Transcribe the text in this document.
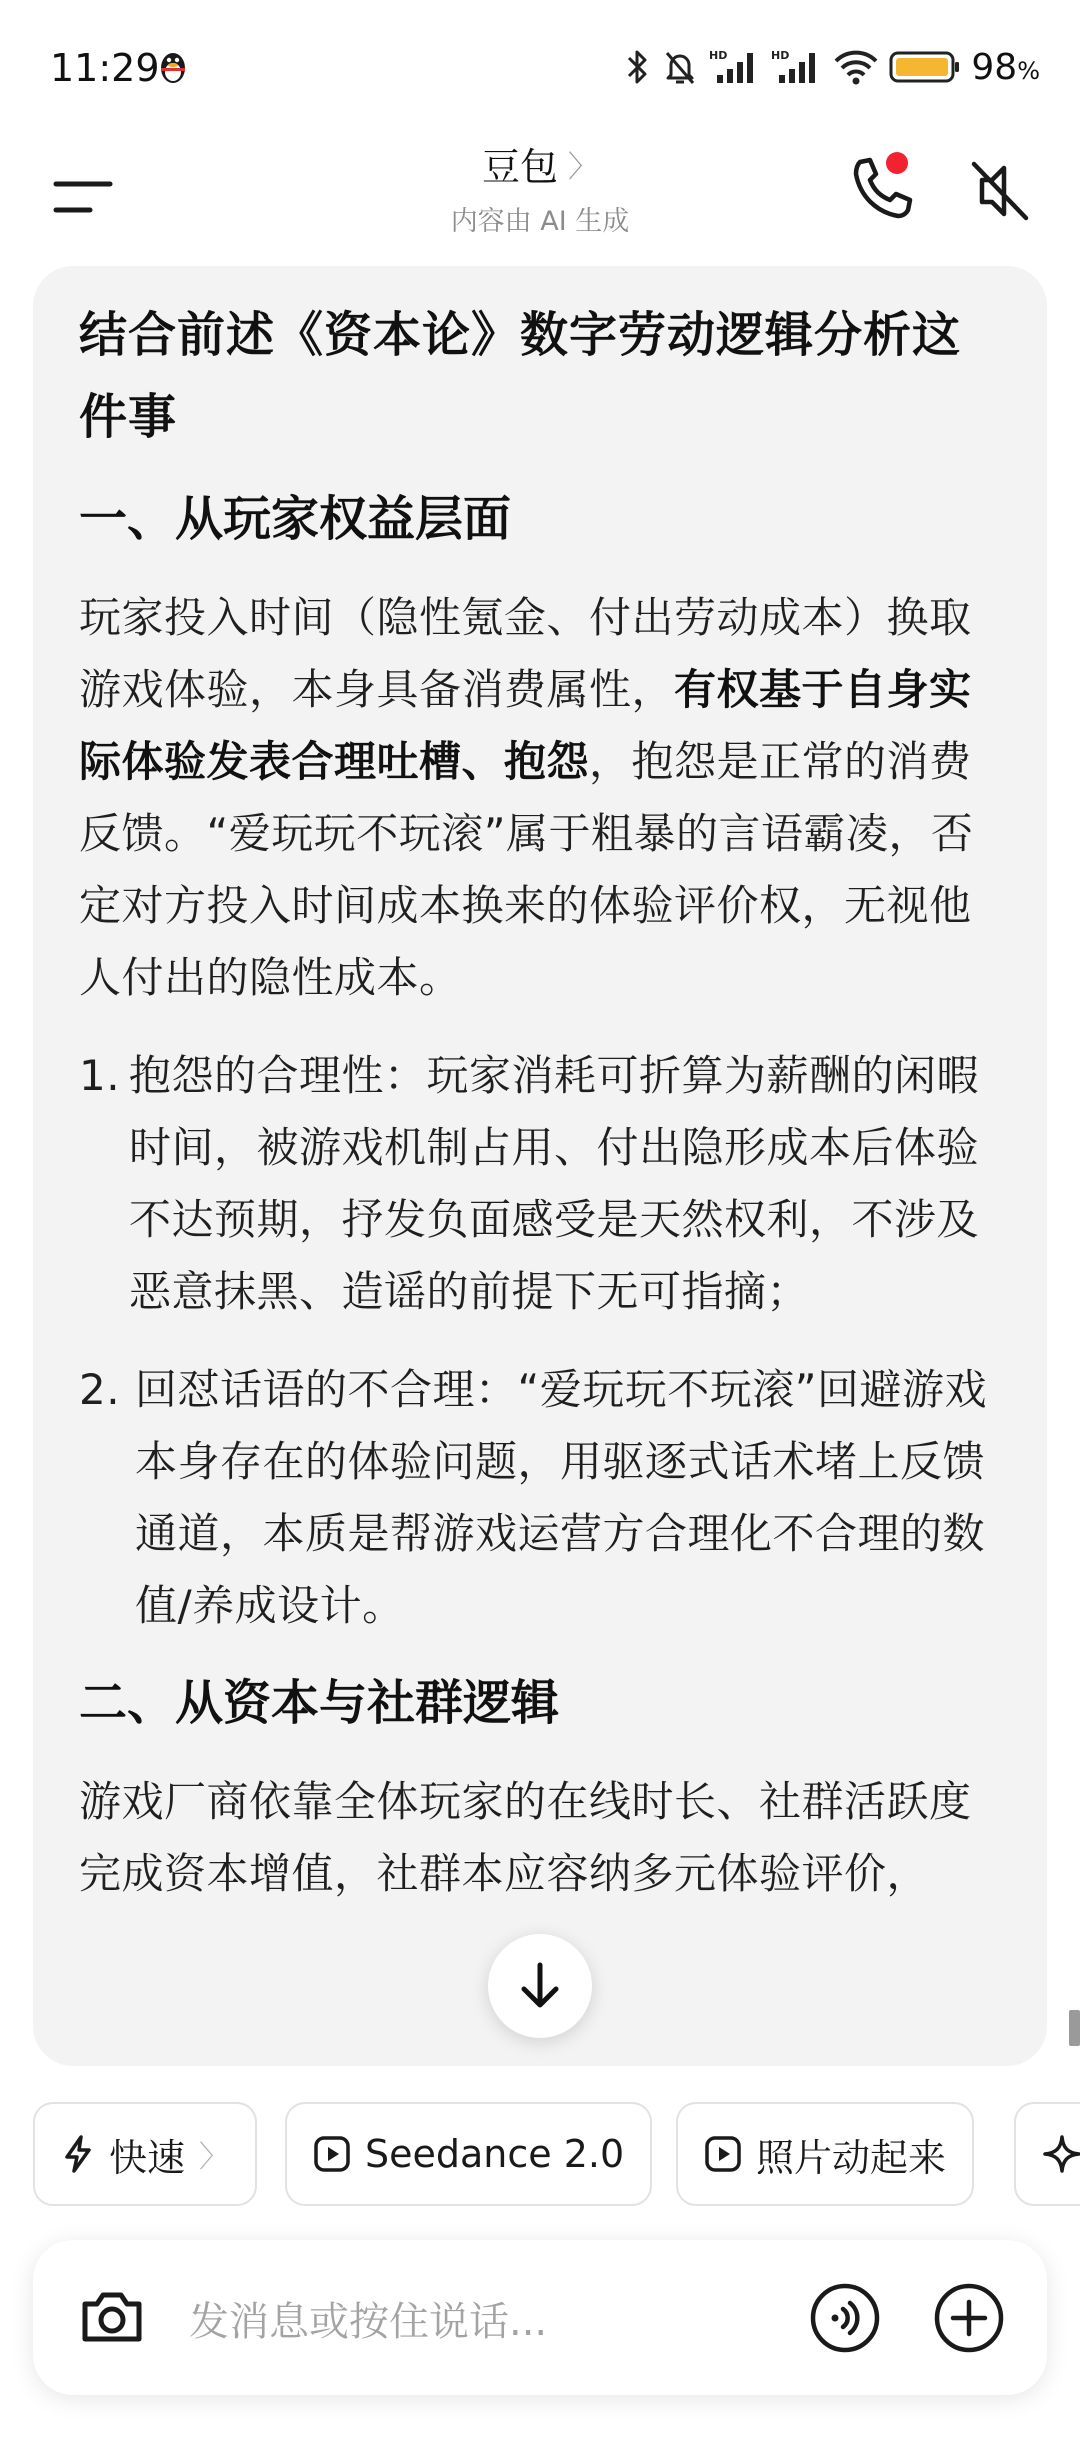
11:29	HD	HD	98%
豆包 〉
内容由 AI 生成
结合前述《资本论》数字劳动逻辑分析这件事
一、从玩家权益层面
玩家投入时间（隐性氪金、付出劳动成本）换取游戏体验，本身具备消费属性，有权基于自身实际体验发表合理吐槽、抱怨，抱怨是正常的消费反馈。“爱玩玩不玩滚”属于粗暴的言语霸凌，否定对方投入时间成本换来的体验评价权，无视他人付出的隐性成本。
1. 抱怨的合理性：玩家消耗可折算为薪酬的闲暇时间，被游戏机制占用、付出隐形成本后体验不达预期，抒发负面感受是天然权利，不涉及恶意抹黑、造谣的前提下无可指摘；
2. 回怼话语的不合理：“爱玩玩不玩滚”回避游戏本身存在的体验问题，用驱逐式话术堵上反馈通道，本质是帮游戏运营方合理化不合理的数值/养成设计。
二、从资本与社群逻辑
游戏厂商依靠全体玩家的在线时长、社群活跃度完成资本增值，社群本应容纳多元体验评价，
快速 〉	Seedance 2.0	照片动起来
发消息或按住说话...
